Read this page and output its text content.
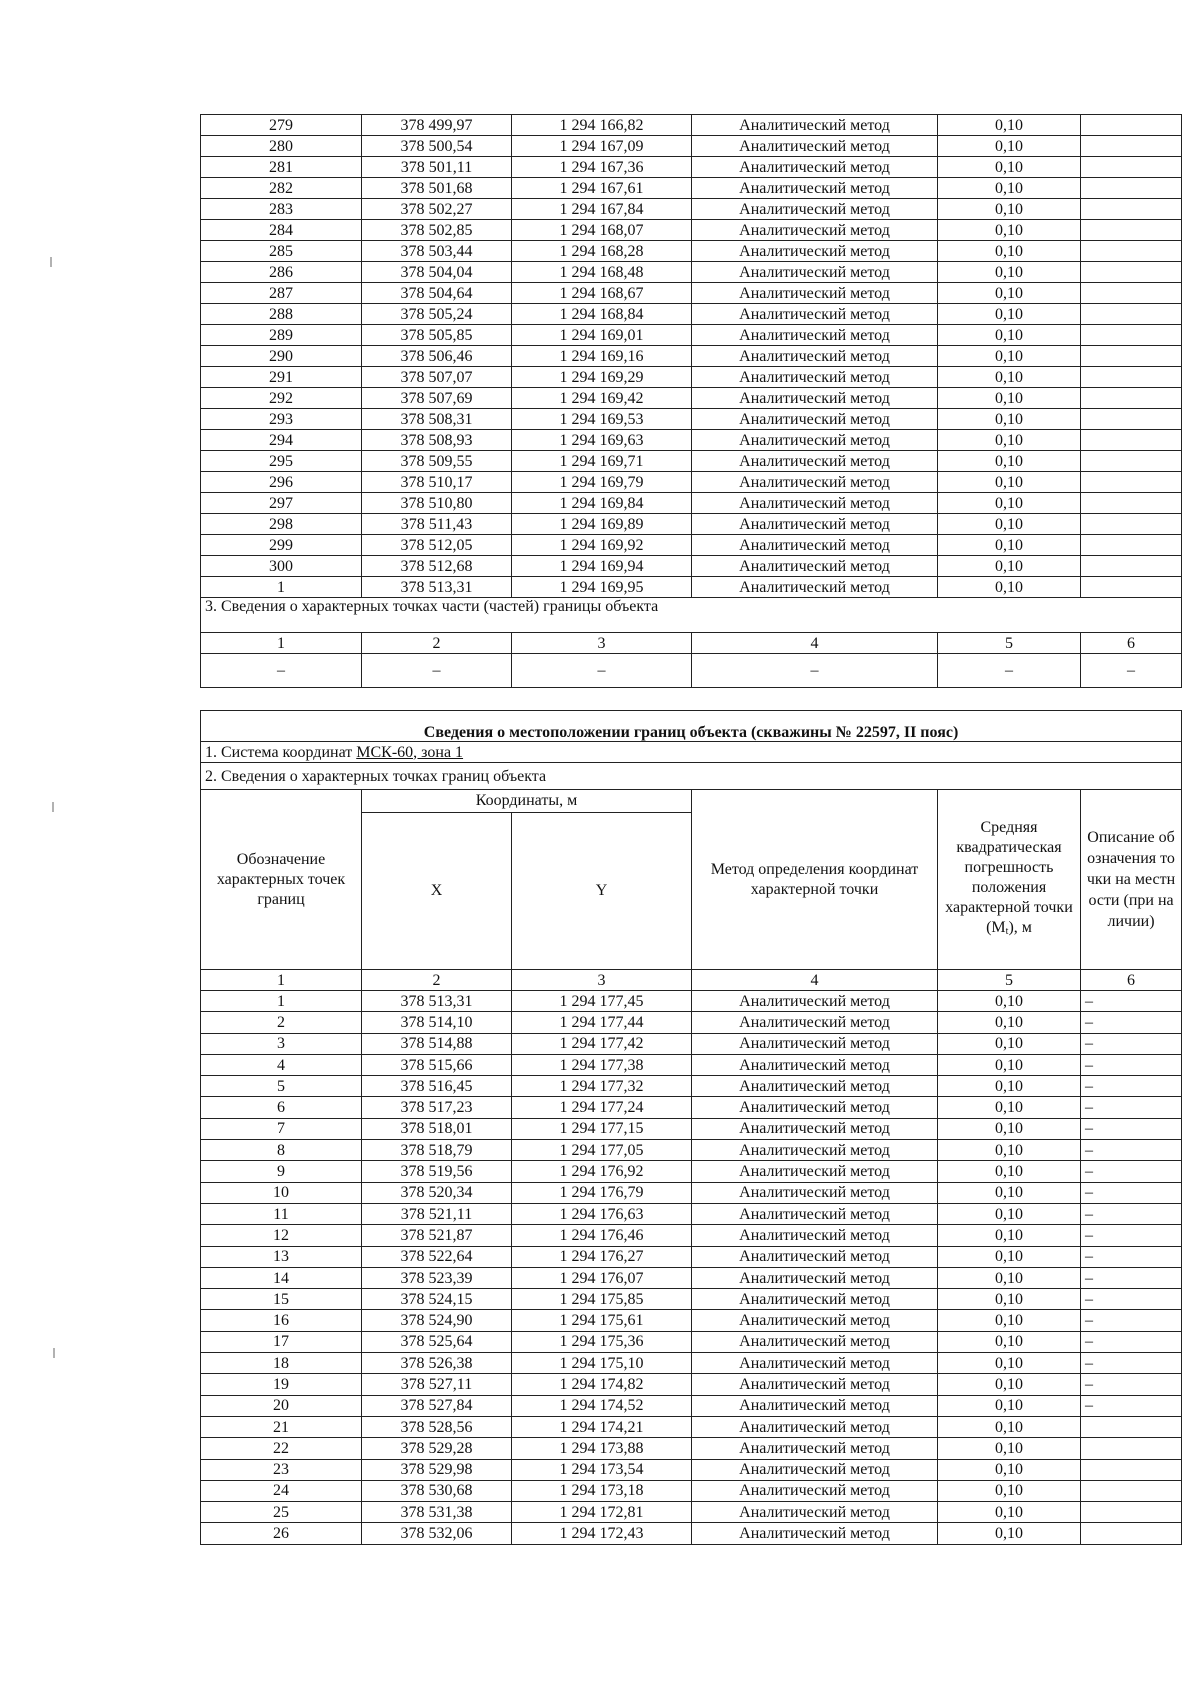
279	378 499,97	1 294 166,82	Аналитический метод	0,10	
280	378 500,54	1 294 167,09	Аналитический метод	0,10	
281	378 501,11	1 294 167,36	Аналитический метод	0,10	
282	378 501,68	1 294 167,61	Аналитический метод	0,10	
283	378 502,27	1 294 167,84	Аналитический метод	0,10	
284	378 502,85	1 294 168,07	Аналитический метод	0,10	
285	378 503,44	1 294 168,28	Аналитический метод	0,10	
286	378 504,04	1 294 168,48	Аналитический метод	0,10	
287	378 504,64	1 294 168,67	Аналитический метод	0,10	
288	378 505,24	1 294 168,84	Аналитический метод	0,10	
289	378 505,85	1 294 169,01	Аналитический метод	0,10	
290	378 506,46	1 294 169,16	Аналитический метод	0,10	
291	378 507,07	1 294 169,29	Аналитический метод	0,10	
292	378 507,69	1 294 169,42	Аналитический метод	0,10	
293	378 508,31	1 294 169,53	Аналитический метод	0,10	
294	378 508,93	1 294 169,63	Аналитический метод	0,10	
295	378 509,55	1 294 169,71	Аналитический метод	0,10	
296	378 510,17	1 294 169,79	Аналитический метод	0,10	
297	378 510,80	1 294 169,84	Аналитический метод	0,10	
298	378 511,43	1 294 169,89	Аналитический метод	0,10	
299	378 512,05	1 294 169,92	Аналитический метод	0,10	
300	378 512,68	1 294 169,94	Аналитический метод	0,10	
1	378 513,31	1 294 169,95	Аналитический метод	0,10	
3. Сведения о характерных точках части (частей) границы объекта					
1	2	3	4	5	6
–	–	–	–	–	–
Сведения о местоположении границ объекта (скважины № 22597, II пояс)					
1. Система координат МСК-60, зона 1					
2. Сведения о характерных точках границ объекта					
Обозначение характерных точек границ	Координаты, м		Метод определения координат характерной точки	Средняя квадратическая погрешность положения характерной точки $(M_t)$, м	Описание обозначения точки на местности (при наличии)
	X	Y			
1	2	3	4	5	6
1	378 513,31	1 294 177,45	Аналитический метод	0,10	–
2	378 514,10	1 294 177,44	Аналитический метод	0,10	–
3	378 514,88	1 294 177,42	Аналитический метод	0,10	–
4	378 515,66	1 294 177,38	Аналитический метод	0,10	–
5	378 516,45	1 294 177,32	Аналитический метод	0,10	–
6	378 517,23	1 294 177,24	Аналитический метод	0,10	–
7	378 518,01	1 294 177,15	Аналитический метод	0,10	–
8	378 518,79	1 294 177,05	Аналитический метод	0,10	–
9	378 519,56	1 294 176,92	Аналитический метод	0,10	–
10	378 520,34	1 294 176,79	Аналитический метод	0,10	–
11	378 521,11	1 294 176,63	Аналитический метод	0,10	–
12	378 521,87	1 294 176,46	Аналитический метод	0,10	–
13	378 522,64	1 294 176,27	Аналитический метод	0,10	–
14	378 523,39	1 294 176,07	Аналитический метод	0,10	–
15	378 524,15	1 294 175,85	Аналитический метод	0,10	–
16	378 524,90	1 294 175,61	Аналитический метод	0,10	–
17	378 525,64	1 294 175,36	Аналитический метод	0,10	–
18	378 526,38	1 294 175,10	Аналитический метод	0,10	–
19	378 527,11	1 294 174,82	Аналитический метод	0,10	–
20	378 527,84	1 294 174,52	Аналитический метод	0,10	–
21	378 528,56	1 294 174,21	Аналитический метод	0,10	
22	378 529,28	1 294 173,88	Аналитический метод	0,10	
23	378 529,98	1 294 173,54	Аналитический метод	0,10	
24	378 530,68	1 294 173,18	Аналитический метод	0,10	
25	378 531,38	1 294 172,81	Аналитический метод	0,10	
26	378 532,06	1 294 172,43	Аналитический метод	0,10	
